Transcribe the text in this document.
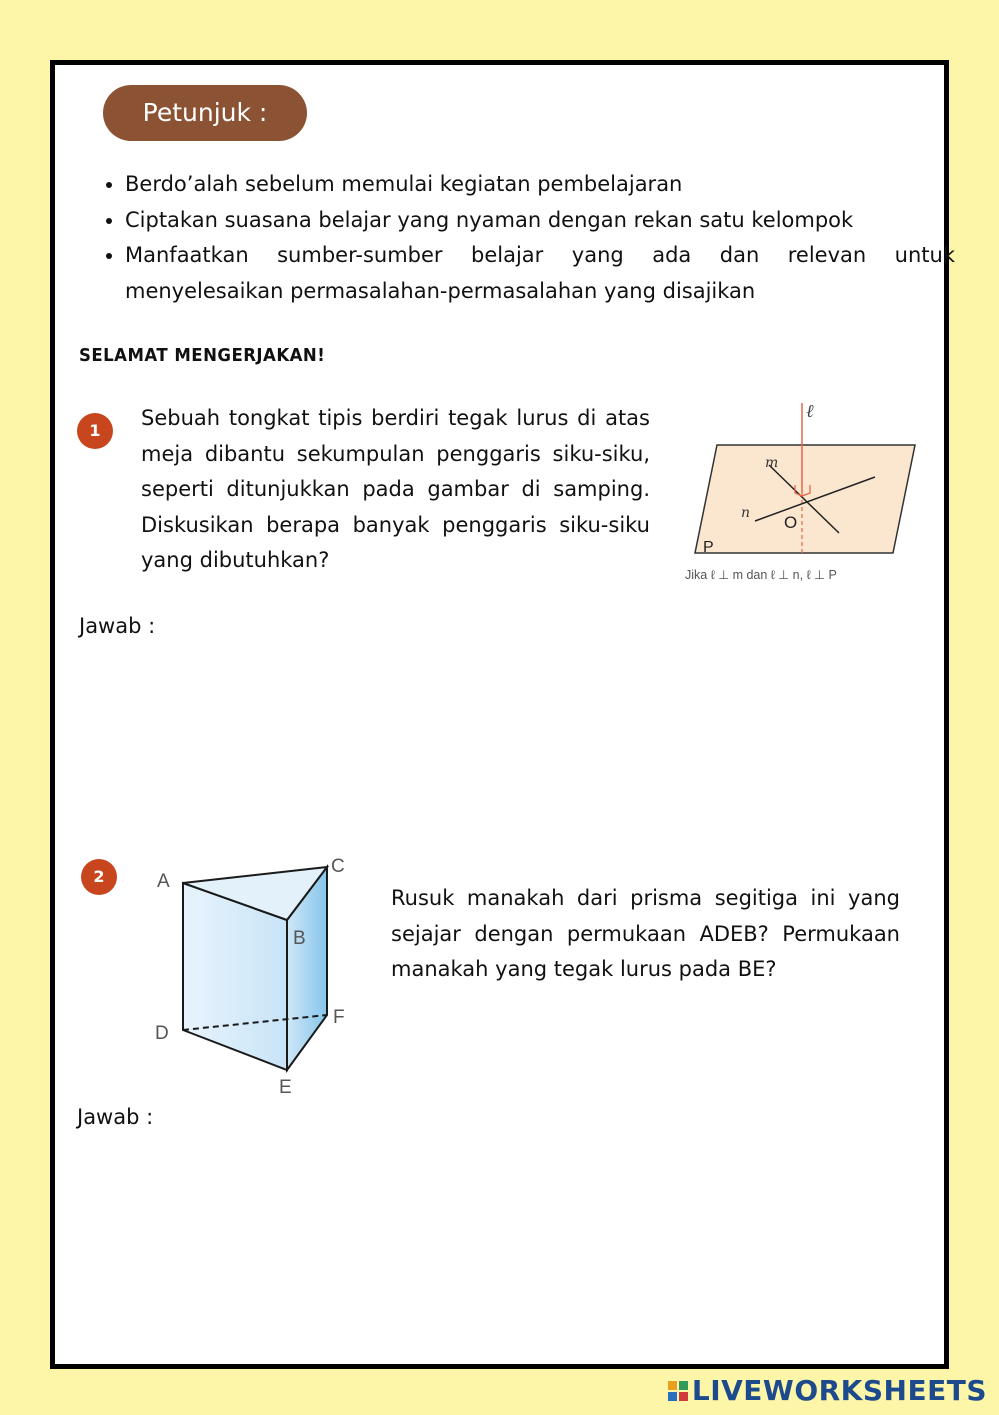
Petunjuk :
• Berdo’alah sebelum memulai kegiatan pembelajaran
• Ciptakan suasana belajar yang nyaman dengan rekan satu kelompok
• Manfaatkan sumber-sumber belajar yang ada dan relevan untuk menyelesaikan permasalahan-permasalahan yang disajikan
SELAMAT MENGERJAKAN!
1

Sebuah tongkat tipis berdiri tegak lurus di atas meja dibantu sekumpulan penggaris siku-siku, seperti ditunjukkan pada gambar di samping. Diskusikan berapa banyak penggaris siku-siku yang dibutuhkan?

ℓ
m
n O
P
Jika ℓ ⊥ m dan ℓ ⊥ n, ℓ ⊥ P
Jawab :
2	A
B
C
D
E
F

Rusuk manakah dari prisma segitiga ini yang sejajar dengan permukaan ADEB? Permukaan manakah yang tegak lurus pada BE?

Jawab :
LIVEWORKSHEETS
